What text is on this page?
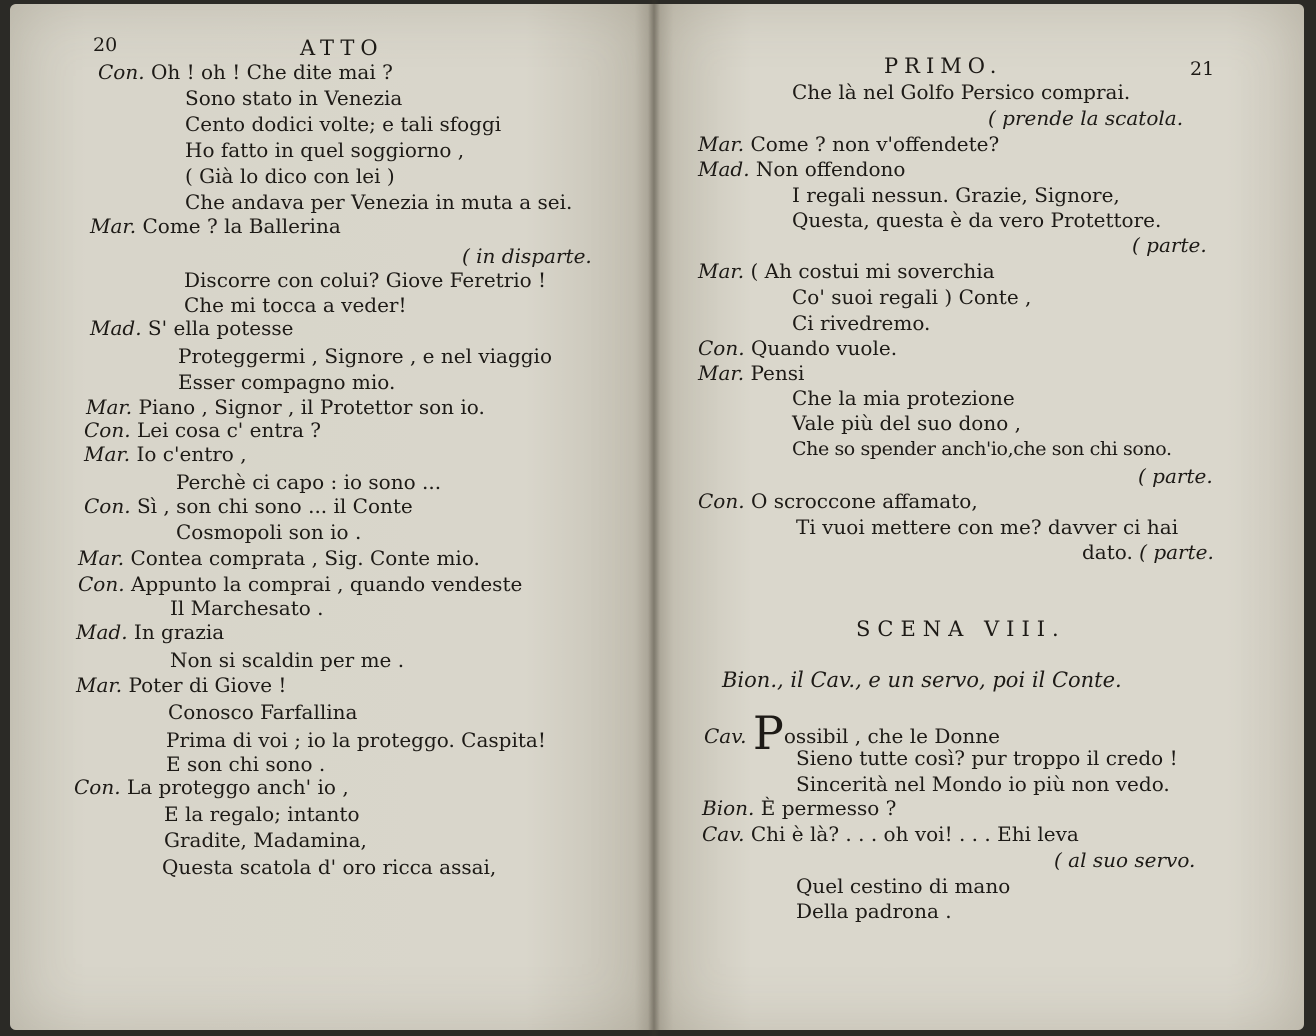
20	ATTO
Con. Oh ! oh ! Che dite mai ?
Sono stato in Venezia
Cento dodici volte; e tali sfoggi
Ho fatto in quel soggiorno ,
( Già lo dico con lei )
Che andava per Venezia in muta a sei.
Mar. Come ? la Ballerina
( in disparte.
Discorre con colui? Giove Feretrio !
Che mi tocca a veder!
Mad. S' ella potesse
Proteggermi , Signore , e nel viaggio
Esser compagno mio.
Mar. Piano , Signor , il Protettor son io.
Con. Lei cosa c' entra ?
Mar. Io c'entro ,
Perchè ci capo : io sono ...
Con. Sì , son chi sono ... il Conte
Cosmopoli son io .
Mar. Contea comprata , Sig. Conte mio.
Con. Appunto la comprai , quando vendeste
Il Marchesato .
Mad. In grazia
Non si scaldin per me .
Mar. Poter di Giove !
Conosco Farfallina
Prima di voi ; io la proteggo. Caspita!
E son chi sono .
Con. La proteggo anch' io ,
E la regalo; intanto
Gradite, Madamina,
Questa scatola d' oro ricca assai,
PRIMO.	21
Che là nel Golfo Persico comprai.
( prende la scatola.
Mar. Come ? non v'offendete?
Mad. Non offendono
I regali nessun. Grazie, Signore,
Questa, questa è da vero Protettore.
( parte.
Mar. ( Ah costui mi soverchia
Co' suoi regali ) Conte ,
Ci rivedremo.
Con. Quando vuole.
Mar. Pensi
Che la mia protezione
Vale più del suo dono ,
Che so spender anch'io,che son chi sono.
( parte.
Con. O scroccone affamato,
Ti vuoi mettere con me? davver ci hai
dato. ( parte.
SCENA VIII.
Bion., il Cav., e un servo, poi il Conte.
Cav. Possibil , che le Donne
Sieno tutte così? pur troppo il credo !
Sincerità nel Mondo io più non vedo.
Bion. È permesso ?
Cav. Chi è là? . . . oh voi! . . . Ehi leva
( al suo servo.
Quel cestino di mano
Della padrona .
